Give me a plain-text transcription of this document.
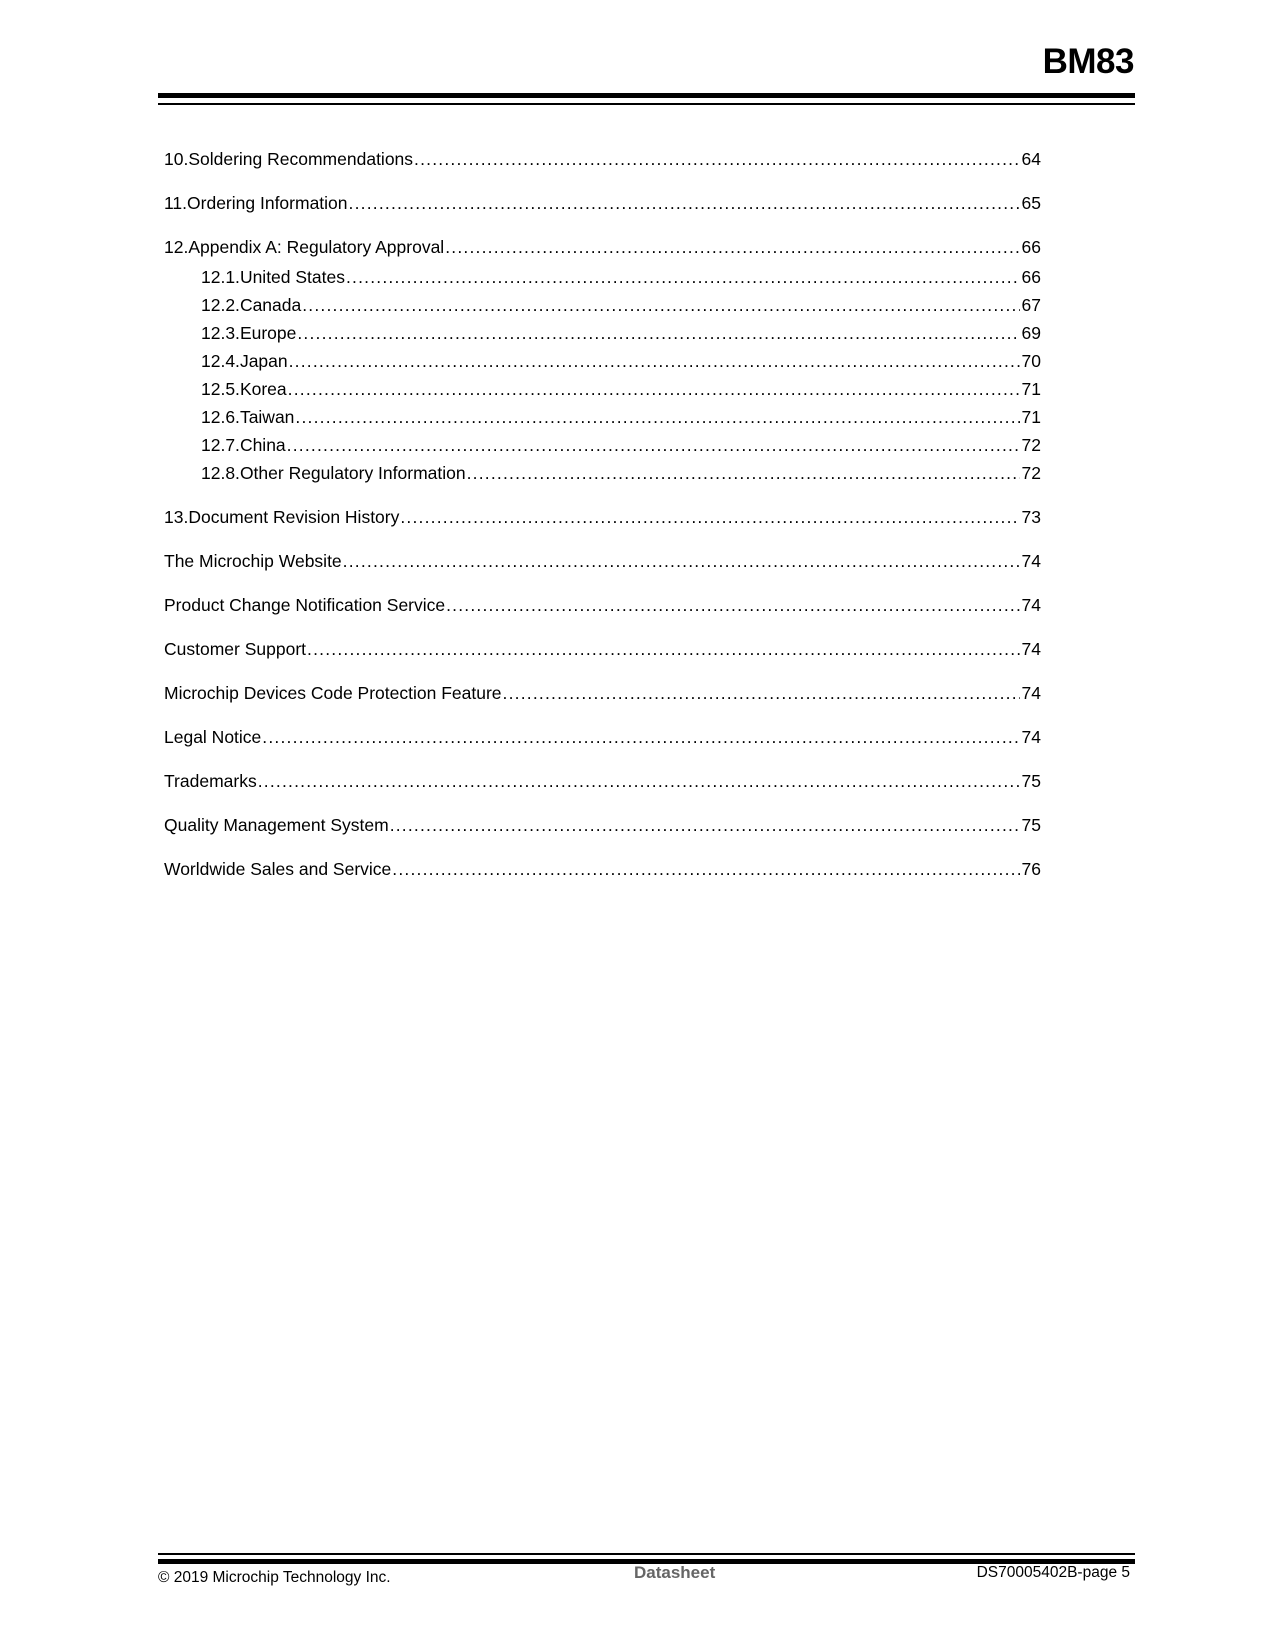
BM83
10. Soldering Recommendations .....	64
11. Ordering Information .....	65
12. Appendix A: Regulatory Approval .....	66
12.1. United States .....	66
12.2. Canada .....	67
12.3. Europe .....	69
12.4. Japan .....	70
12.5. Korea .....	71
12.6. Taiwan .....	71
12.7. China .....	72
12.8. Other Regulatory Information .....	72
13. Document Revision History .....	73
The Microchip Website .....	74
Product Change Notification Service .....	74
Customer Support .....	74
Microchip Devices Code Protection Feature .....	74
Legal Notice .....	74
Trademarks .....	75
Quality Management System .....	75
Worldwide Sales and Service .....	76
© 2019 Microchip Technology Inc.	Datasheet	DS70005402B-page 5
